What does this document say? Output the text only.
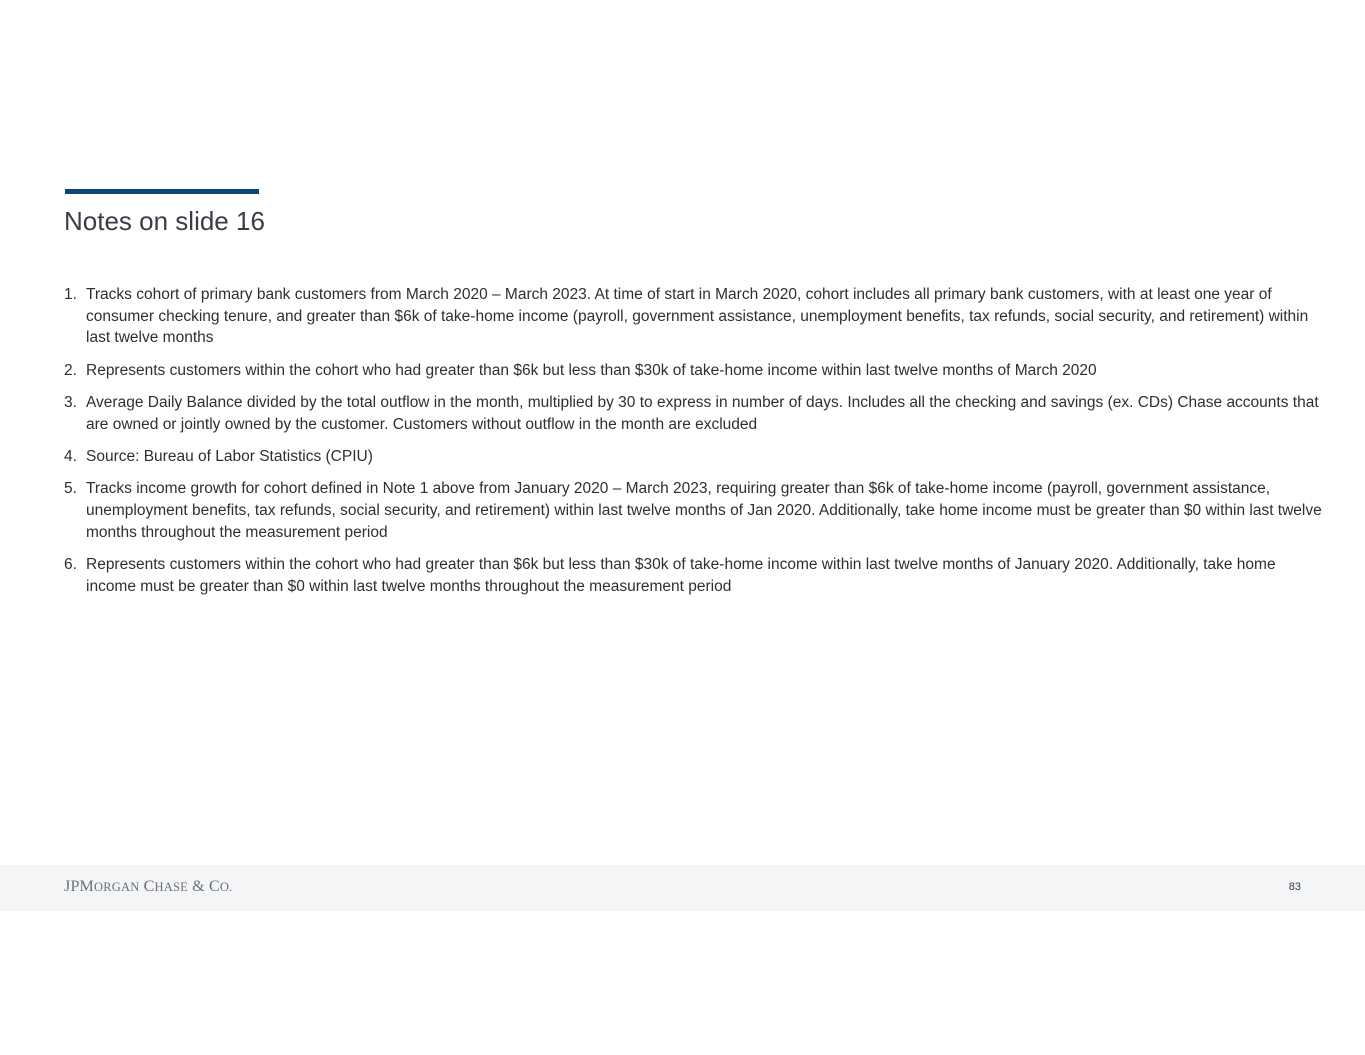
Notes on slide 16
1. Tracks cohort of primary bank customers from March 2020 – March 2023. At time of start in March 2020, cohort includes all primary bank customers, with at least one year of consumer checking tenure, and greater than $6k of take-home income (payroll, government assistance, unemployment benefits, tax refunds, social security, and retirement) within last twelve months
2. Represents customers within the cohort who had greater than $6k but less than $30k of take-home income within last twelve months of March 2020
3. Average Daily Balance divided by the total outflow in the month, multiplied by 30 to express in number of days. Includes all the checking and savings (ex. CDs) Chase accounts that are owned or jointly owned by the customer. Customers without outflow in the month are excluded
4. Source: Bureau of Labor Statistics (CPIU)
5. Tracks income growth for cohort defined in Note 1 above from January 2020 – March 2023, requiring greater than $6k of take-home income (payroll, government assistance, unemployment benefits, tax refunds, social security, and retirement) within last twelve months of Jan 2020. Additionally, take home income must be greater than $0 within last twelve months throughout the measurement period
6. Represents customers within the cohort who had greater than $6k but less than $30k of take-home income within last twelve months of January 2020. Additionally, take home income must be greater than $0 within last twelve months throughout the measurement period
JPMORGAN CHASE & CO.	83
